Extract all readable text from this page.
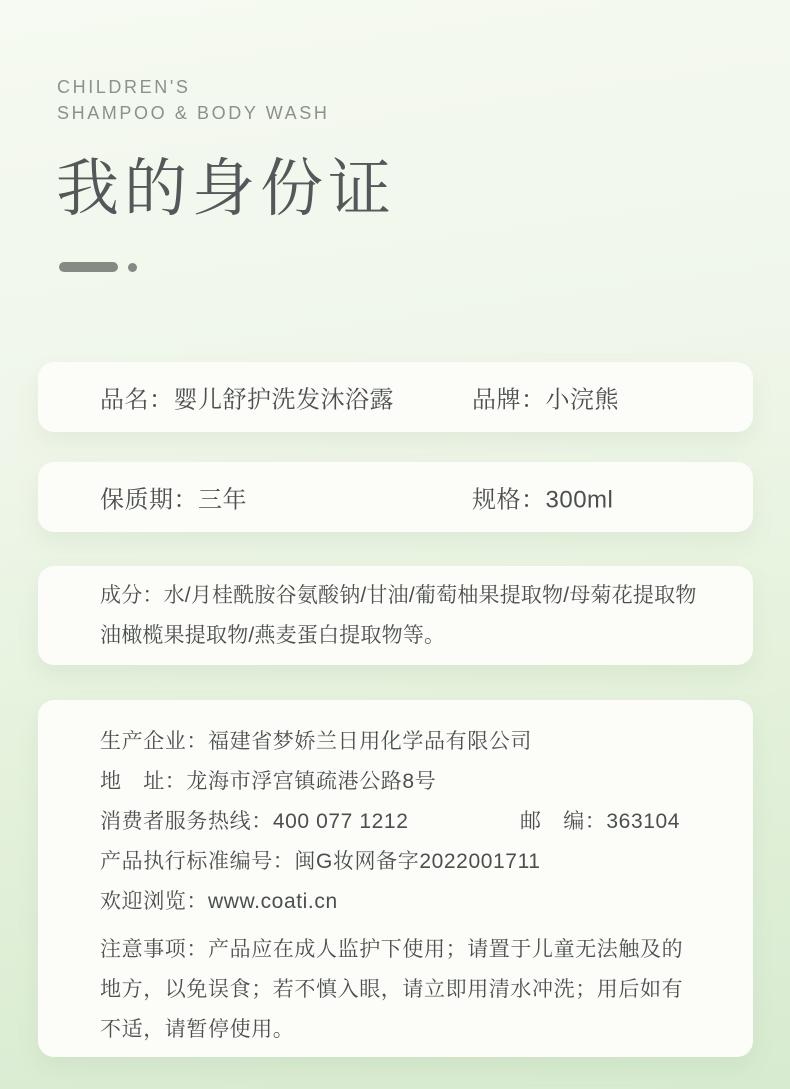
CHILDREN'S
SHAMPOO & BODY WASH
我的身份证
品名：婴儿舒护洗发沐浴露	品牌：小浣熊
保质期：三年	规格：300ml
成分：水/月桂酰胺谷氨酸钠/甘油/葡萄柚果提取物/母菊花提取物油橄榄果提取物/燕麦蛋白提取物等。
生产企业：福建省梦娇兰日用化学品有限公司
地　址：龙海市浮宫镇疏港公路8号
消费者服务热线：400 077 1212	邮　编：363104
产品执行标准编号：闽G妆网备字2022001711
欢迎浏览：www.coati.cn
注意事项：产品应在成人监护下使用；请置于儿童无法触及的地方，以免误食；若不慎入眼，请立即用清水冲洗；用后如有不适，请暂停使用。
